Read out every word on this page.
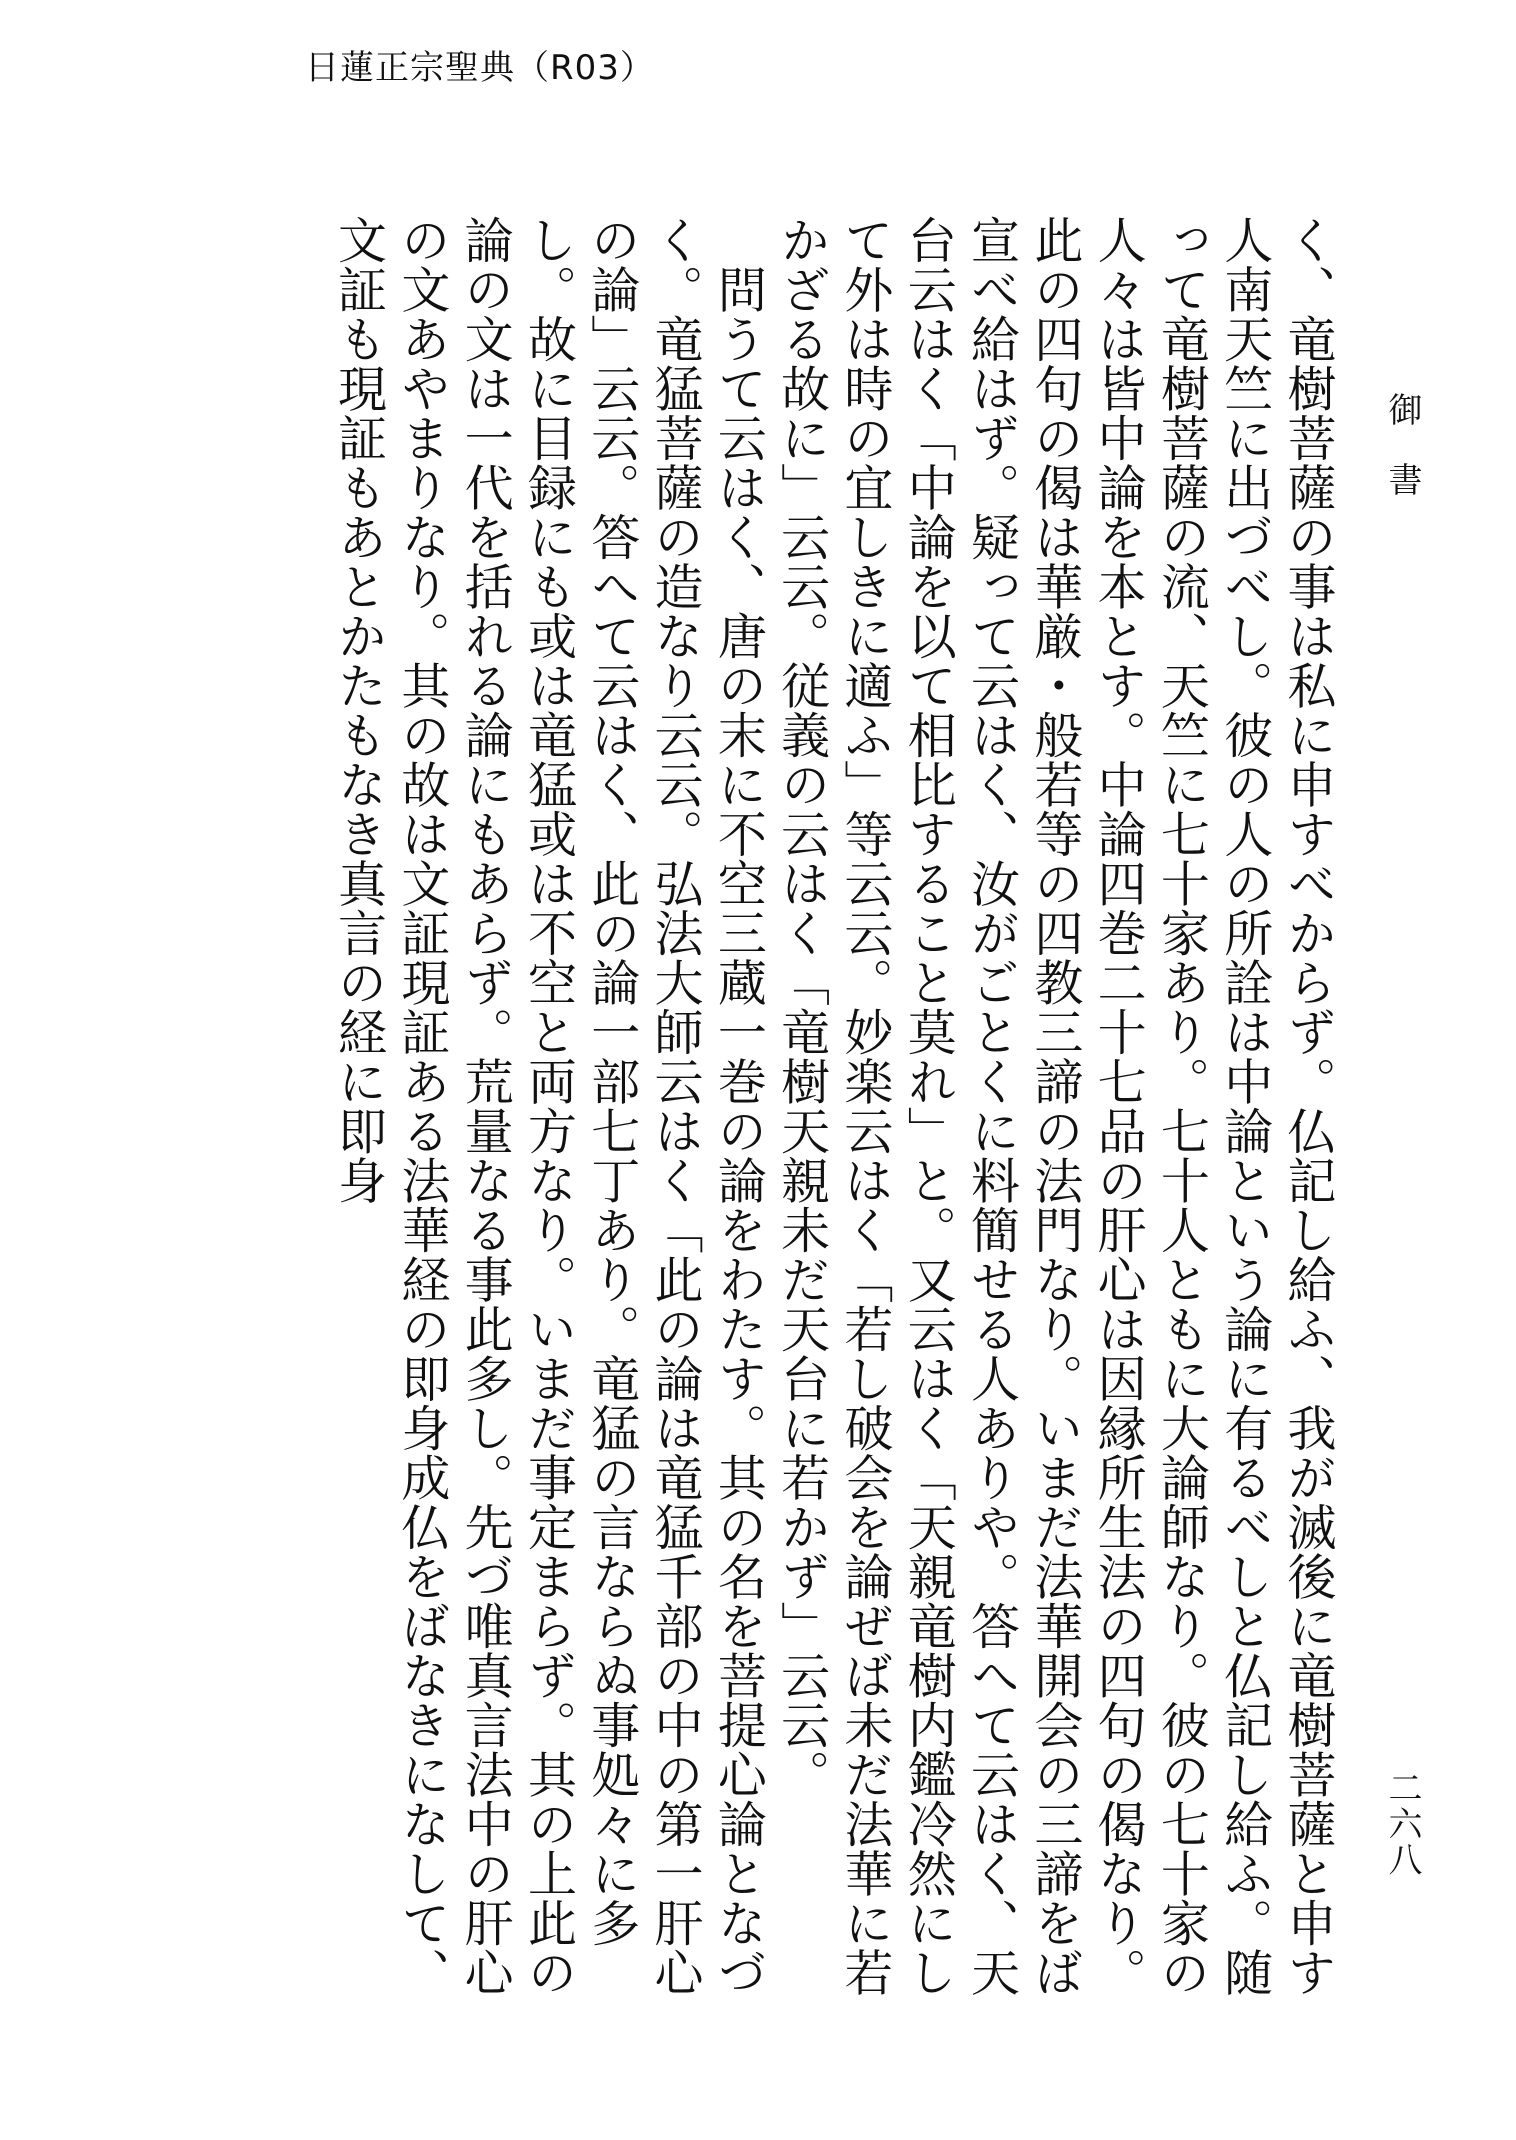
日蓮正宗聖典（R03）
御書
二六八

く、竜樹菩薩の事は私に申すべからず。仏記し給ふ、我が滅後に竜樹菩薩と申す人南天竺に出づべし。彼の人の所詮は中論という論に有るべしと仏記し給ふ。随って竜樹菩薩の流、天竺に七十家あり。七十人ともに大論師なり。彼の七十家の人々は皆中論を本とす。中論四巻二十七品の肝心は因縁所生法の四句の偈なり。此の四句の偈は華厳・般若等の四教三諦の法門なり。いまだ法華開会の三諦をば宣べ給はず。疑って云はく、汝がごとくに料簡せる人ありや。答へて云はく、天台云はく「中論を以て相比すること莫れ」と。又云はく「天親竜樹内鑑冷然にして外は時の宜しきに適ふ」等云云。妙楽云はく「若し破会を論ぜば未だ法華に若かざる故に」云云。従義の云はく「竜樹天親未だ天台に若かず」云云。

　問うて云はく、唐の末に不空三蔵一巻の論をわたす。其の名を菩提心論となづく。竜猛菩薩の造なり云云。弘法大師云はく「此の論は竜猛千部の中の第一肝心の論」云云。答へて云はく、此の論一部七丁あり。竜猛の言ならぬ事処々に多し。故に目録にも或は竜猛或は不空と両方なり。いまだ事定まらず。其の上此の論の文は一代を括れる論にもあらず。荒量なる事此多し。先づ唯真言法中の肝心の文あやまりなり。其の故は文証現証ある法華経の即身成仏をばなきになして、文証も現証もあとかたもなき真言の経に即身
